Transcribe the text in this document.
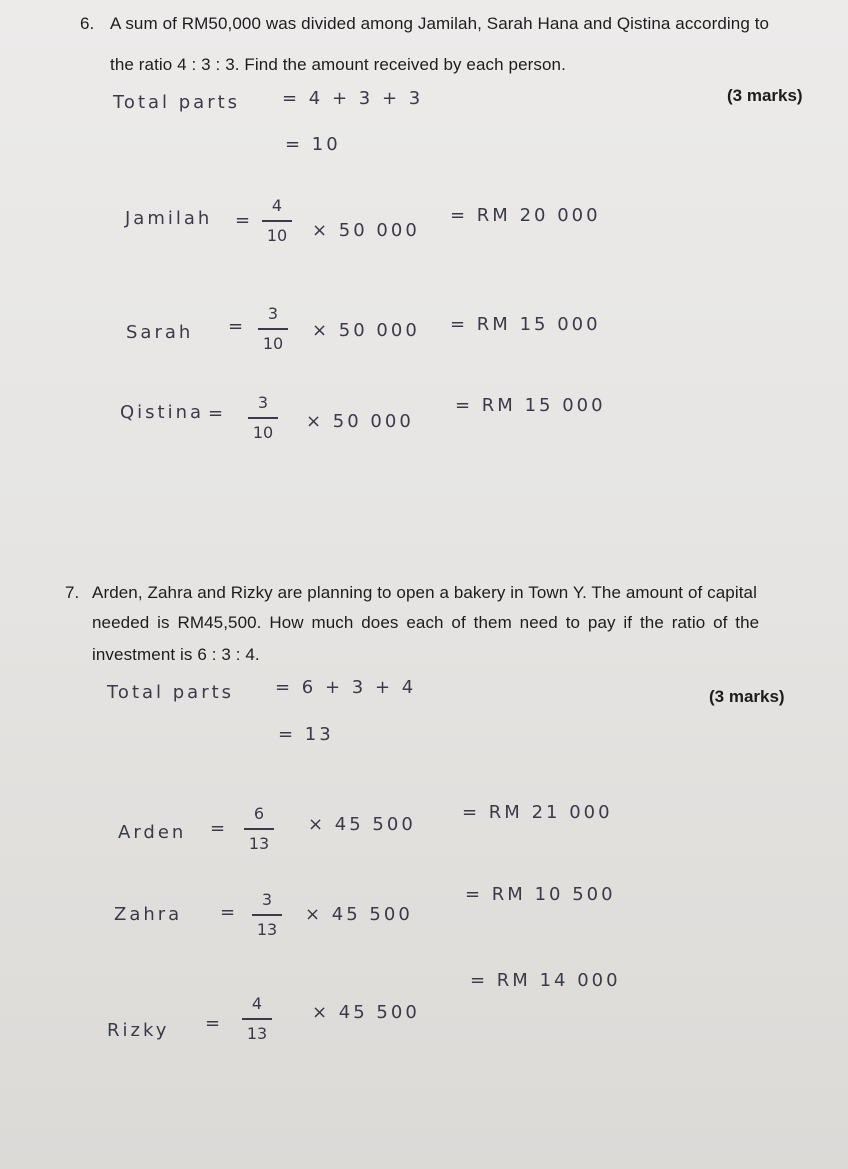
6. A sum of RM50,000 was divided among Jamilah, Sarah Hana and Qistina according to
the ratio 4 : 3 : 3. Find the amount received by each person.
(3 marks)
Total parts = 4 + 3 + 3
= 10
Jamilah =
4
10 × 50 000
= RM 20 000
Sarah =
3
10
× 50 000 = RM 15 000
Qistina =
3
10
× 50 000
= RM 15 000
7. Arden, Zahra and Rizky are planning to open a bakery in Town Y. The amount of capital
needed is RM45,500. How much does each of them need to pay if the ratio of the
investment is 6 : 3 : 4.
(3 marks)
Total parts = 6 + 3 + 4
= 13
Arden =
6
13
× 45 500
= RM 21 000
Zahra =
3
13
× 45 500
= RM 10 500
Rizky =
4
13
× 45 500
= RM 14 000
